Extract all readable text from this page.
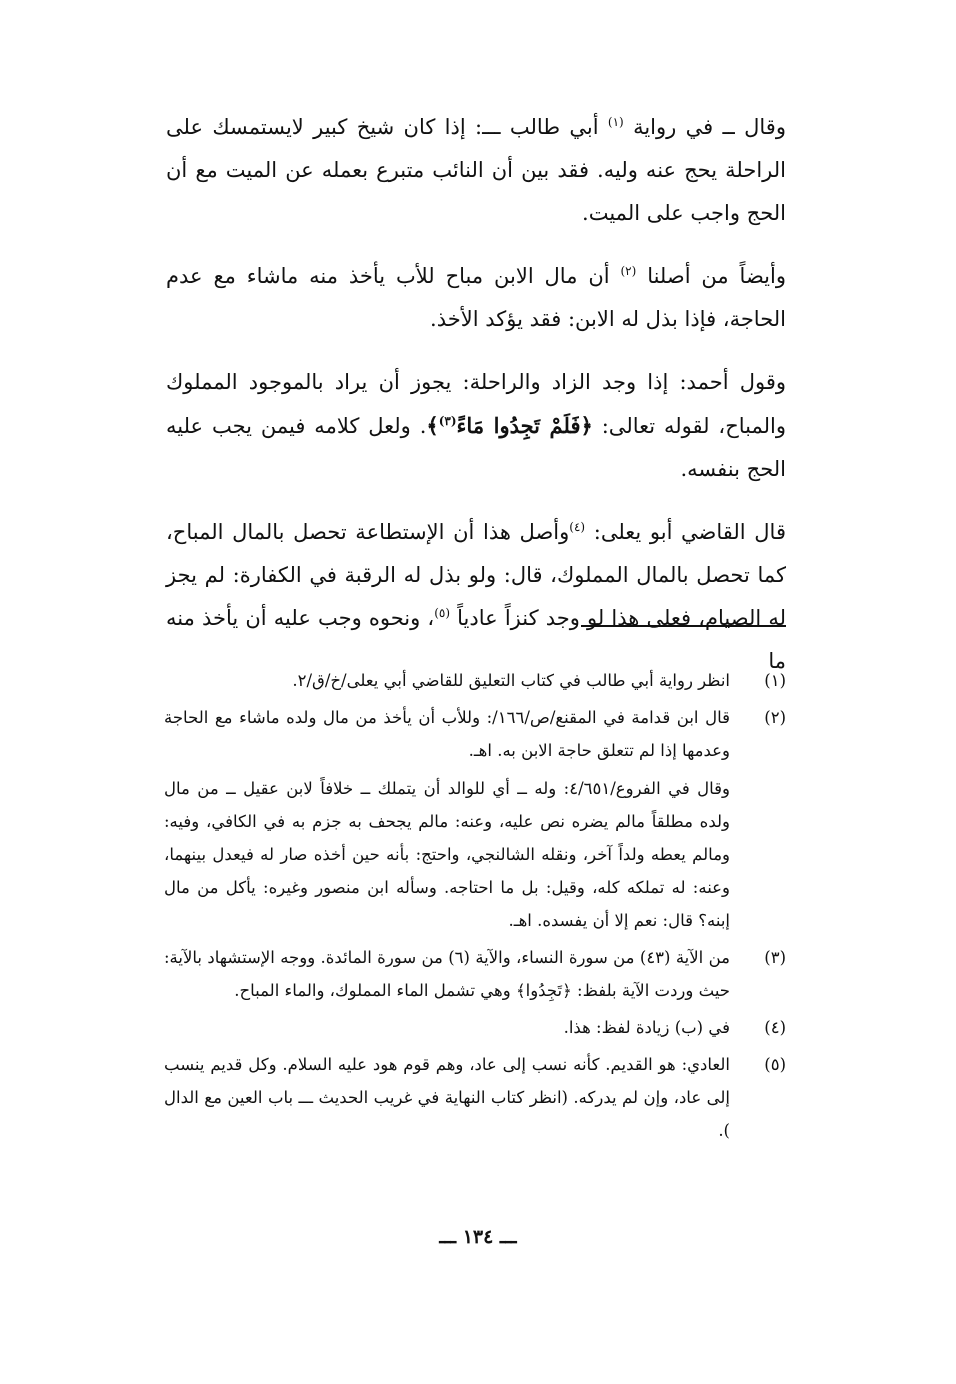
وقال ــ في رواية $^{(١)}$ أبي طالب ـــ: إذا كان شيخ كبير لايستمسك على الراحلة يحج عنه وليه. فقد بين أن النائب متبرع بعمله عن الميت مع أن الحج واجب على الميت.

وأيضاً من أصلنا $^{(٢)}$ أن مال الابن مباح للأب يأخذ منه ماشاء مع عدم الحاجة، فإذا بذل له الابن: فقد يؤكد الأخذ.

وقول أحمد: إذا وجد الزاد والراحلة: يجوز أن يراد بالموجود المملوك والمباح، لقوله تعالى: ﴿فَلَمْ تَجِدُوا مَاءً$^{(٣)}$﴾. ولعل كلامه فيمن يجب عليه الحج بنفسه.

قال القاضي أبو يعلى: $^{(٤)}$وأصل هذا أن الإستطاعة تحصل بالمال المباح، كما تحصل بالمال المملوك، قال: ولو بذل له الرقبة في الكفارة: لم يجز له الصيام، فعلى هذا لو وجد كنزاً عادياً $^{(٥)}$، ونحوه وجب عليه أن يأخذ منه ما

(١)

انظر رواية أبي طالب في كتاب التعليق للقاضي أبي يعلى/خ/ق/٢.

(٢)

قال ابن قدامة في المقنع/ص/١٦٦/: وللأب أن يأخذ من مال ولده ماشاء مع الحاجة وعدمها إذا لم تتعلق حاجة الابن به. اهـ.

وقال في الفروع/٤/٦٥١: وله ــ أي للوالد أن يتملك ــ خلافاً لابن عقيل ــ من مال ولده مطلقاً مالم يضره نص عليه، وعنه: مالم يجحف به جزم به في الكافي، وفيه: ومالم يعطه ولداً آخر، ونقله الشالنجي، واحتج: بأنه حين أخذه صار له فيعدل بينهما، وعنه: له تملكه كله، وقيل: بل ما احتاجه. وسأله ابن منصور وغيره: يأكل من مال إبنه؟ قال: نعم إلا أن يفسده. اهـ.

(٣)

من الآية (٤٣) من سورة النساء، والآية (٦) من سورة المائدة. ووجه الإستشهاد بالآية: حيث وردت الآية بلفظ: ﴿تَجِدُوا﴾ وهي تشمل الماء المملوك، والماء المباح.

(٤)

في (ب) زيادة لفظ: هذا.

(٥)

العادي: هو القديم. كأنه نسب إلى عاد، وهم قوم هود عليه السلام. وكل قديم ينسب إلى عاد، وإن لم يدركه. (انظر كتاب النهاية في غريب الحديث ـــ باب العين مع الدال ).

ـــ ١٣٤ ـــ
